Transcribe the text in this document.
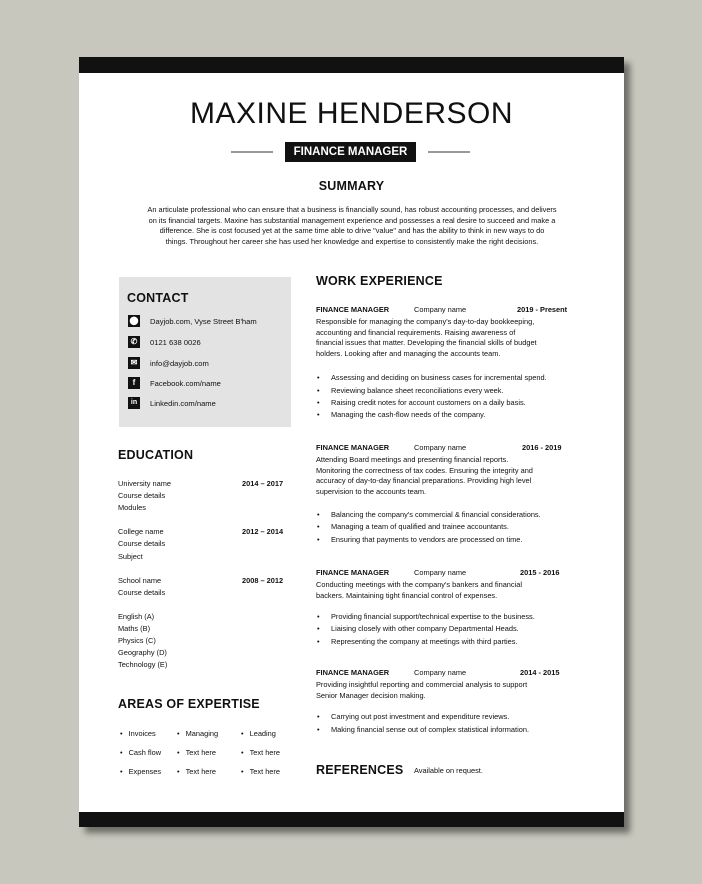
MAXINE HENDERSON
FINANCE MANAGER
SUMMARY
An articulate professional who can ensure that a business is financially sound, has robust accounting processes, and delivers
on its financial targets. Maxine has substantial management experience and possesses a real desire to succeed and make a
difference. She is cost focused yet at the same time able to drive "value" and has the ability to think in new ways to do
things. Throughout her career she has used her knowledge and expertise to consistently make the right decisions.
CONTACT
⬤ Dayjob.com, Vyse Street B'ham
✆	0121 638 0026
✉	info@dayjob.com
f	Facebook.com/name
in	Linkedin.com/name
EDUCATION
University name	2014 – 2017
Course details
Modules
College name	2012 – 2014
Course details
Subject
School name	2008 – 2012
Course details
English (A)
Maths (B)
Physics (C)
Geography (D)
Technology (E)
AREAS OF EXPERTISE
• Invoices	• Managing	• Leading
• Cash flow	• Text here	• Text here
• Expenses	• Text here	• Text here
WORK EXPERIENCE
FINANCE MANAGER	Company name	2019 - Present
Responsible for managing the company's day-to-day bookkeeping,
accounting and financial requirements. Raising awareness of
financial issues that matter. Developing the financial skills of budget
holders. Looking after and managing the accounts team.
• Assessing and deciding on business cases for incremental spend.
• Reviewing balance sheet reconciliations every week.
• Raising credit notes for account customers on a daily basis.
• Managing the cash-flow needs of the company.
FINANCE MANAGER	Company name	2016 - 2019
Attending Board meetings and presenting financial reports.
Monitoring the correctness of tax codes. Ensuring the integrity and
accuracy of day-to-day financial preparations. Providing high level
supervision to the accounts team.
• Balancing the company's commercial & financial considerations.
• Managing a team of qualified and trainee accountants.
• Ensuring that payments to vendors are processed on time.
FINANCE MANAGER	Company name	2015 - 2016
Conducting meetings with the company's bankers and financial
backers. Maintaining tight financial control of expenses.
• Providing financial support/technical expertise to the business.
• Liaising closely with other company Departmental Heads.
• Representing the company at meetings with third parties.
FINANCE MANAGER	Company name	2014 - 2015
Providing insightful reporting and commercial analysis to support
Senior Manager decision making.
• Carrying out post investment and expenditure reviews.
• Making financial sense out of complex statistical information.
REFERENCES Available on request.
